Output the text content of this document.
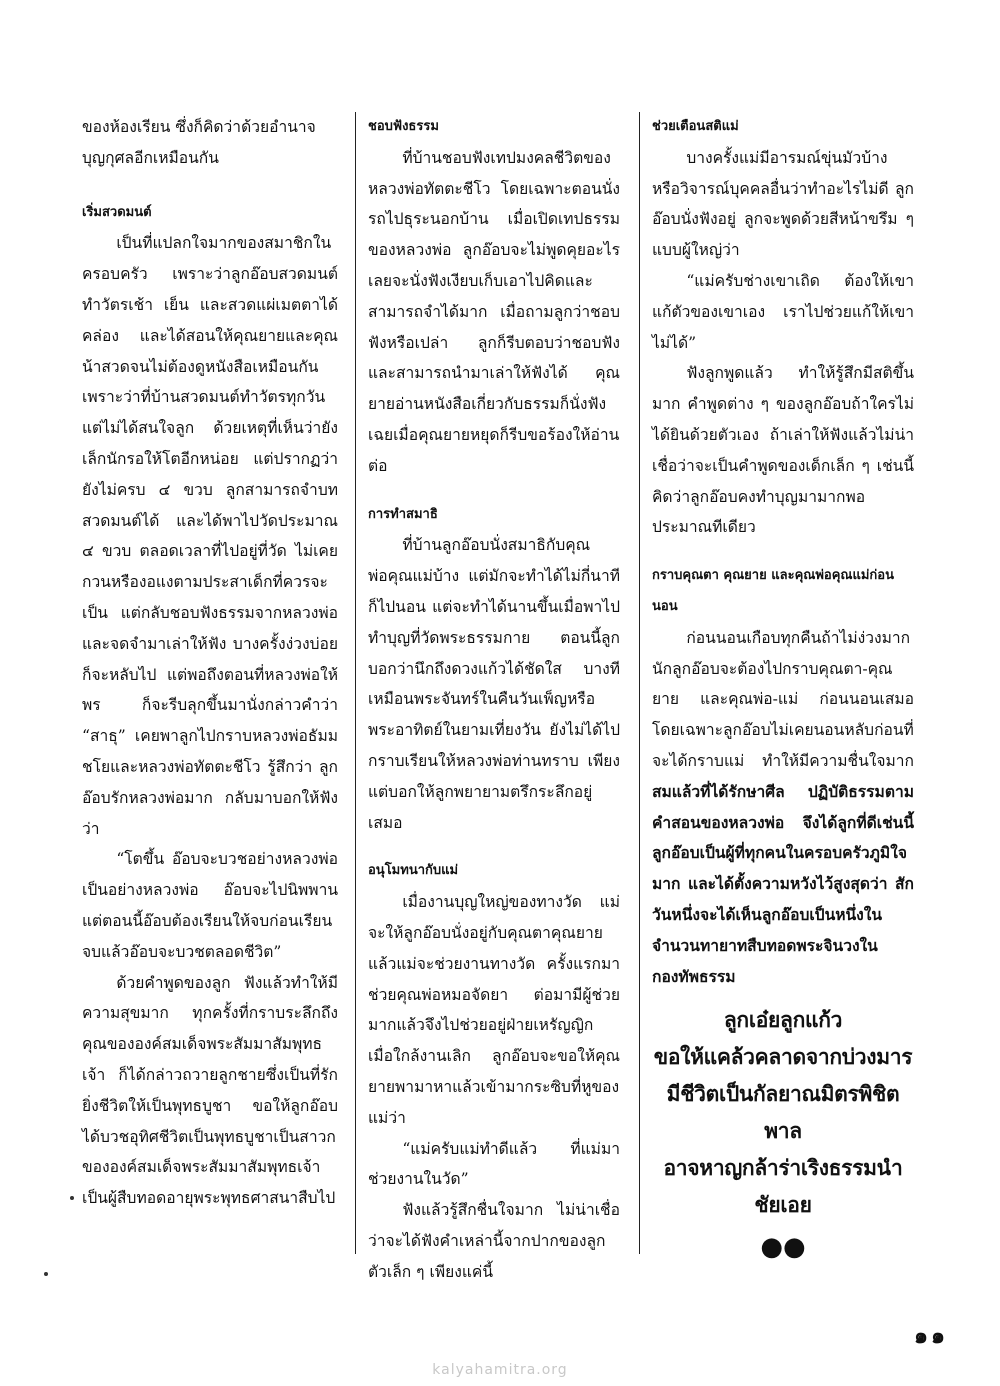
ของห้องเรียน ซึ่งก็คิดว่าด้วยอำนาจ
บุญกุศลอีกเหมือนกัน
เริ่มสวดมนต์

เป็นที่แปลกใจมากของสมาชิกในครอบครัว เพราะว่าลูกอ๊อบสวดมนต์ทำวัตรเช้า เย็น และสวดแผ่เมตตาได้คล่อง และได้สอนให้คุณยายและคุณน้าสวดจนไม่ต้องดูหนังสือเหมือนกัน เพราะว่าที่บ้านสวดมนต์ทำวัตรทุกวัน แต่ไม่ได้สนใจลูก ด้วยเหตุที่เห็นว่ายังเล็กนักรอให้โตอีกหน่อย แต่ปรากฏว่ายังไม่ครบ ๔ ขวบ ลูกสามารถจำบทสวดมนต์ได้ และได้พาไปวัดประมาณ ๔ ขวบ ตลอดเวลาที่ไปอยู่ที่วัด ไม่เคยกวนหรืองอแงตามประสาเด็กที่ควรจะเป็น แต่กลับชอบฟังธรรมจากหลวงพ่อและจดจำมาเล่าให้ฟัง บางครั้งง่วงบ่อยก็จะหลับไป แต่พอถึงตอนที่หลวงพ่อให้พร ก็จะรีบลุกขึ้นมานั่งกล่าวคำว่า “สาธุ” เคยพาลูกไปกราบหลวงพ่อธัมมชโยและหลวงพ่อทัตตะชีโว รู้สึกว่า ลูกอ๊อบรักหลวงพ่อมาก กลับมาบอกให้ฟังว่า

“โตขึ้น อ๊อบจะบวชอย่างหลวงพ่อเป็นอย่างหลวงพ่อ อ๊อบจะไปนิพพานแต่ตอนนี้อ๊อบต้องเรียนให้จบก่อนเรียนจบแล้วอ๊อบจะบวชตลอดชีวิต”

ด้วยคำพูดของลูก ฟังแล้วทำให้มีความสุขมาก ทุกครั้งที่กราบระลึกถึงคุณขององค์สมเด็จพระสัมมาสัมพุทธเจ้า ก็ได้กล่าวถวายลูกชายซึ่งเป็นที่รักยิ่งชีวิตให้เป็นพุทธบูชา ขอให้ลูกอ๊อบได้บวชอุทิศชีวิตเป็นพุทธบูชาเป็นสาวกขององค์สมเด็จพระสัมมาสัมพุทธเจ้า เป็นผู้สืบทอดอายุพระพุทธศาสนาสืบไป

ชอบฟังธรรม

ที่บ้านชอบฟังเทปมงคลชีวิตของหลวงพ่อทัตตะชีโว โดยเฉพาะตอนนั่งรถไปธุระนอกบ้าน เมื่อเปิดเทปธรรมของหลวงพ่อ ลูกอ๊อบจะไม่พูดคุยอะไรเลยจะนั่งฟังเงียบเก็บเอาไปคิดและสามารถจำได้มาก เมื่อถามลูกว่าชอบฟังหรือเปล่า ลูกก็รีบตอบว่าชอบฟังและสามารถนำมาเล่าให้ฟังได้ คุณยายอ่านหนังสือเกี่ยวกับธรรมก็นั่งฟังเฉยเมื่อคุณยายหยุดก็รีบขอร้องให้อ่านต่อ

การทำสมาธิ

ที่บ้านลูกอ๊อบนั่งสมาธิกับคุณพ่อคุณแม่บ้าง แต่มักจะทำได้ไม่กี่นาทีก็ไปนอน แต่จะทำได้นานขึ้นเมื่อพาไปทำบุญที่วัดพระธรรมกาย ตอนนี้ลูกบอกว่านึกถึงดวงแก้วได้ชัดใส บางทีเหมือนพระจันทร์ในคืนวันเพ็ญหรือพระอาทิตย์ในยามเที่ยงวัน ยังไม่ได้ไปกราบเรียนให้หลวงพ่อท่านทราบ เพียงแต่บอกให้ลูกพยายามตรึกระลึกอยู่เสมอ

อนุโมทนากับแม่

เมื่องานบุญใหญ่ของทางวัด แม่จะให้ลูกอ๊อบนั่งอยู่กับคุณตาคุณยายแล้วแม่จะช่วยงานทางวัด ครั้งแรกมาช่วยคุณพ่อหมอจัดยา ต่อมามีผู้ช่วยมากแล้วจึงไปช่วยอยู่ฝ่ายเหรัญญิก เมื่อใกล้งานเลิก ลูกอ๊อบจะขอให้คุณยายพามาหาแล้วเข้ามากระซิบที่หูของแม่ว่า

“แม่ครับแม่ทำดีแล้ว ที่แม่มาช่วยงานในวัด”

ฟังแล้วรู้สึกชื่นใจมาก ไม่น่าเชื่อว่าจะได้ฟังคำเหล่านี้จากปากของลูกตัวเล็ก ๆ เพียงแค่นี้

ช่วยเตือนสติแม่

บางครั้งแม่มีอารมณ์ขุ่นมัวบ้างหรือวิจารณ์บุคคลอื่นว่าทำอะไรไม่ดี ลูกอ๊อบนั่งฟังอยู่ ลูกจะพูดด้วยสีหน้าขรึม ๆ แบบผู้ใหญ่ว่า

“แม่ครับช่างเขาเถิด ต้องให้เขาแก้ตัวของเขาเอง เราไปช่วยแก้ให้เขาไม่ได้”

ฟังลูกพูดแล้ว ทำให้รู้สึกมีสติขึ้นมาก คำพูดต่าง ๆ ของลูกอ๊อบถ้าใครไม่ได้ยินด้วยตัวเอง ถ้าเล่าให้ฟังแล้วไม่น่าเชื่อว่าจะเป็นคำพูดของเด็กเล็ก ๆ เช่นนี้ คิดว่าลูกอ๊อบคงทำบุญมามากพอประมาณทีเดียว

กราบคุณตา คุณยาย และคุณพ่อคุณแม่ก่อนนอน

ก่อนนอนเกือบทุกคืนถ้าไม่ง่วงมากนักลูกอ๊อบจะต้องไปกราบคุณตา-คุณยาย และคุณพ่อ-แม่ ก่อนนอนเสมอ โดยเฉพาะลูกอ๊อบไม่เคยนอนหลับก่อนที่จะได้กราบแม่ ทำให้มีความชื่นใจมาก สมแล้วที่ได้รักษาศีล ปฏิบัติธรรมตามคำสอนของหลวงพ่อ จึงได้ลูกที่ดีเช่นนี้ ลูกอ๊อบเป็นผู้ที่ทุกคนในครอบครัวภูมิใจมาก และได้ตั้งความหวังไว้สูงสุดว่า สักวันหนึ่งจะได้เห็นลูกอ๊อบเป็นหนึ่งในจำนวนทายาทสืบทอดพระจินวงในกองทัพธรรม

ลูกเอ๋ยลูกแก้ว
ขอให้แคล้วคลาดจากบ่วงมาร
มีชีวิตเป็นกัลยาณมิตรพิชิตพาล
อาจหาญกล้าร่าเริงธรรมนำชัยเอย
●●
๑๑
kalyahamitra.org
